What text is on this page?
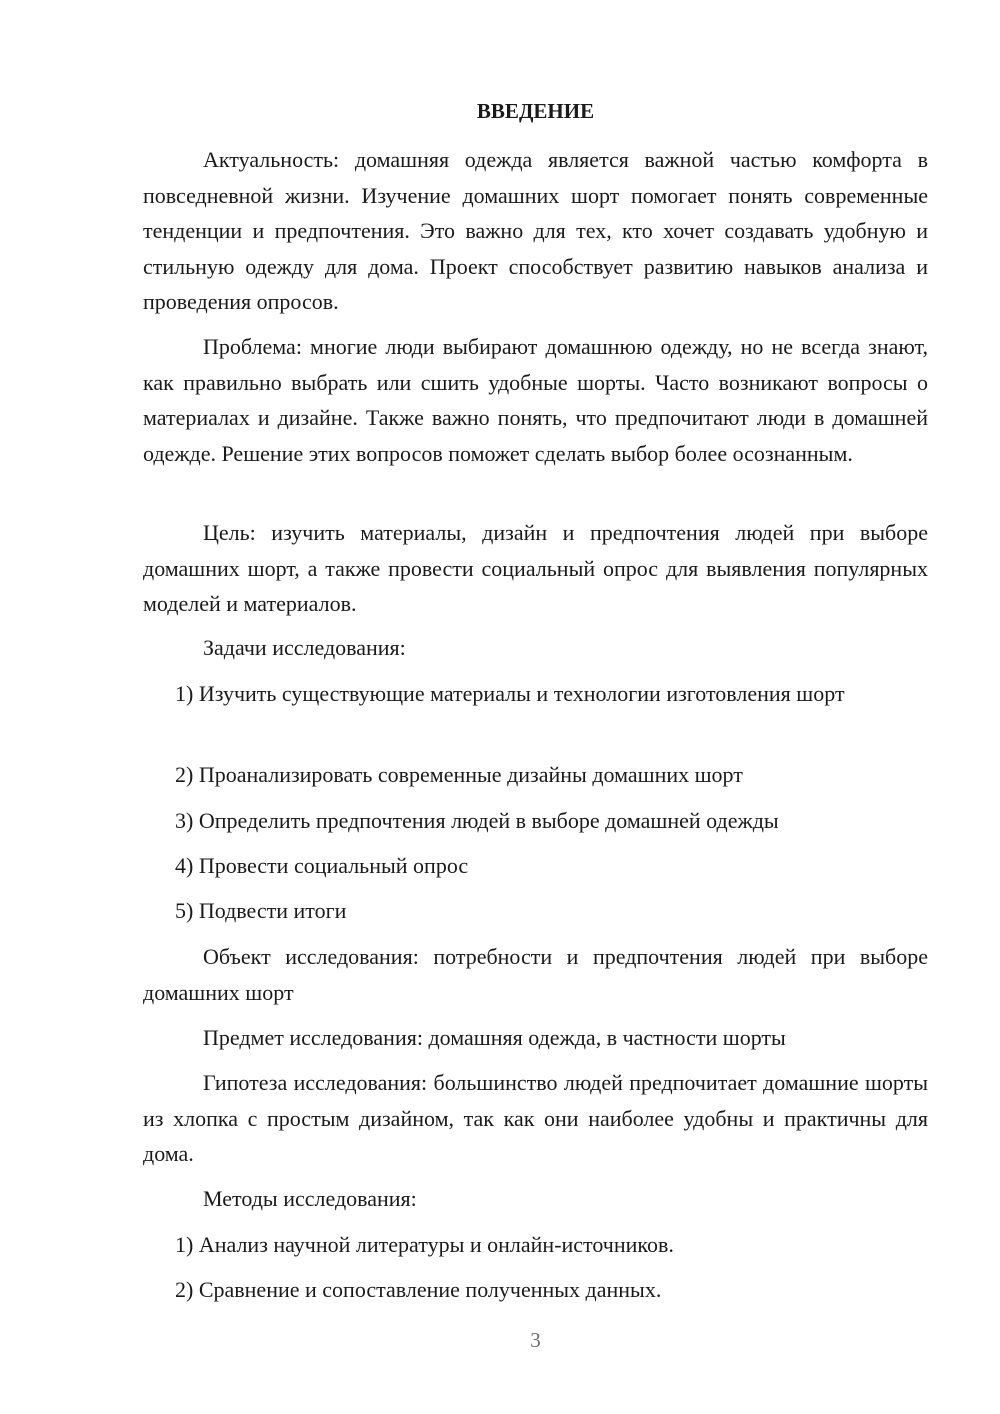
ВВЕДЕНИЕ
Актуальность: домашняя одежда является важной частью комфорта в повседневной жизни. Изучение домашних шорт помогает понять современные тенденции и предпочтения. Это важно для тех, кто хочет создавать удобную и стильную одежду для дома. Проект способствует развитию навыков анализа и проведения опросов.
Проблема: многие люди выбирают домашнюю одежду, но не всегда знают, как правильно выбрать или сшить удобные шорты. Часто возникают вопросы о материалах и дизайне. Также важно понять, что предпочитают люди в домашней одежде. Решение этих вопросов поможет сделать выбор более осознанным.
Цель: изучить материалы, дизайн и предпочтения людей при выборе домашних шорт, а также провести социальный опрос для выявления популярных моделей и материалов.
Задачи исследования:
1) Изучить существующие материалы и технологии изготовления шорт
2) Проанализировать современные дизайны домашних шорт
3) Определить предпочтения людей в выборе домашней одежды
4) Провести социальный опрос
5) Подвести итоги
Объект исследования: потребности и предпочтения людей при выборе домашних шорт
Предмет исследования: домашняя одежда, в частности шорты
Гипотеза исследования: большинство людей предпочитает домашние шорты из хлопка с простым дизайном, так как они наиболее удобны и практичны для дома.
Методы исследования:
1) Анализ научной литературы и онлайн-источников.
2) Сравнение и сопоставление полученных данных.
3
